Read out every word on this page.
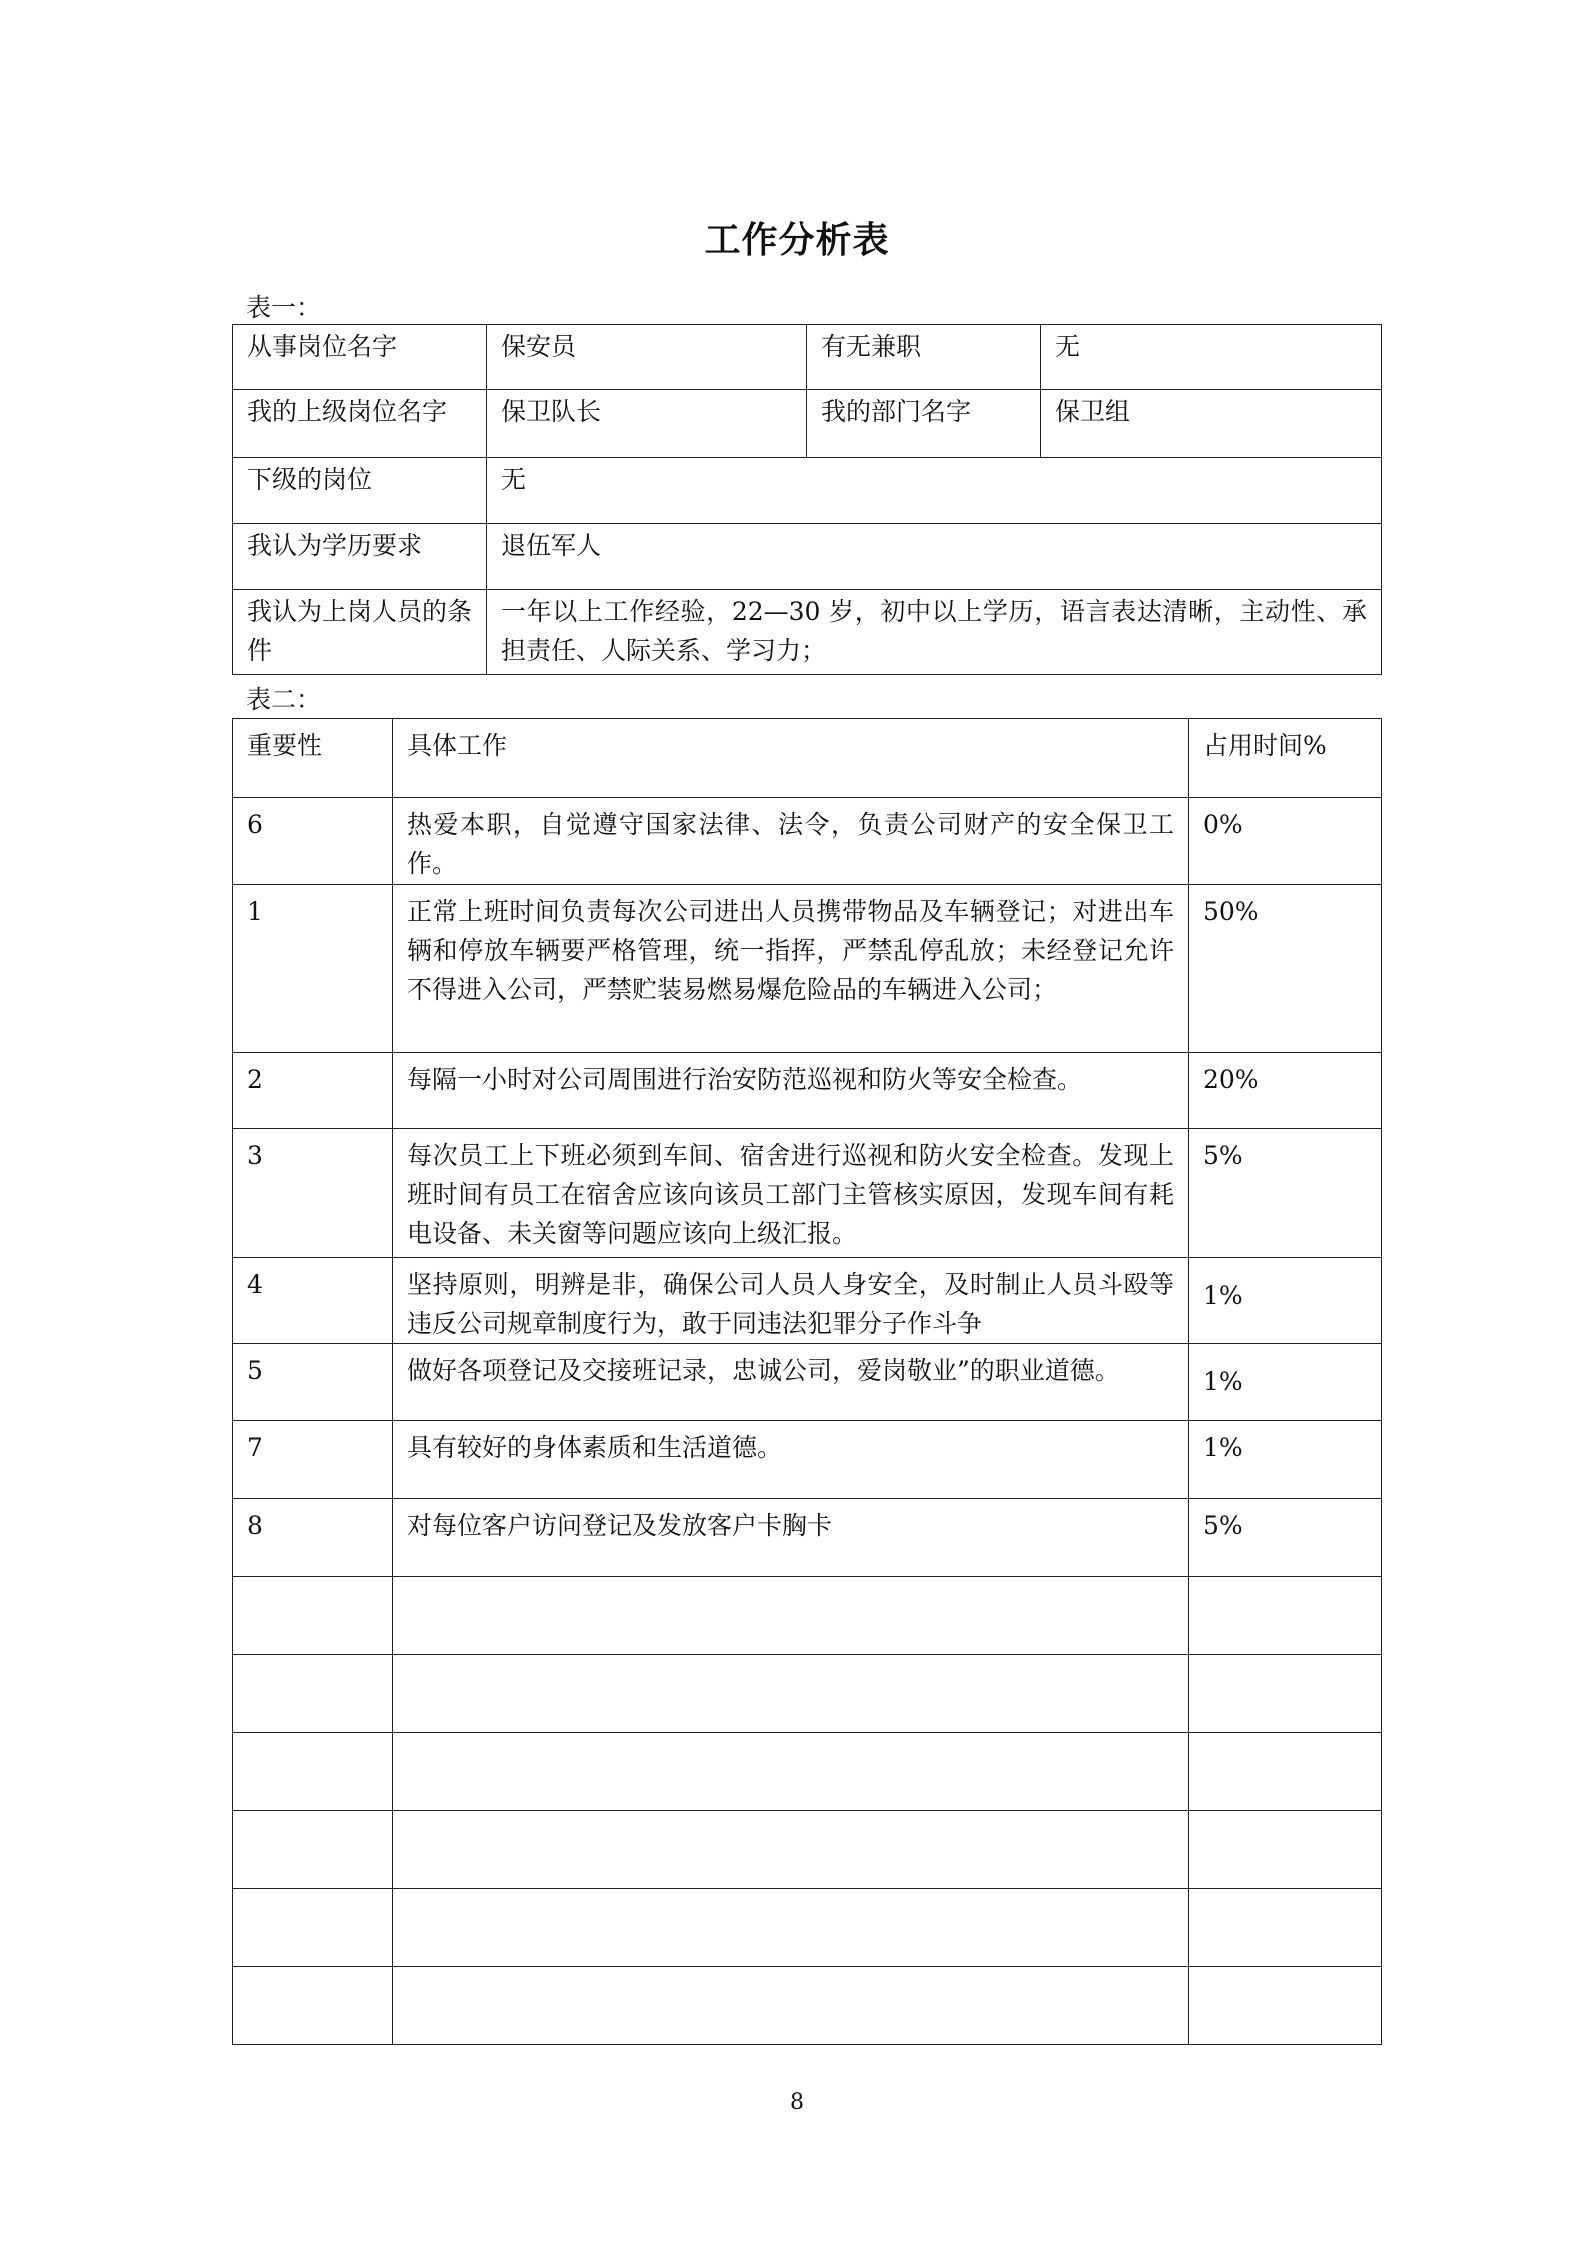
工作分析表
表一：
从事岗位名字	保安员	有无兼职	无
我的上级岗位名字	保卫队长	我的部门名字	保卫组
下级的岗位	无		
我认为学历要求	退伍军人		
我认为上岗人员的条件	一年以上工作经验，22—30 岁，初中以上学历，语言表达清晰，主动性、承担责任、人际关系、学习力；		
表二：
重要性	具体工作	占用时间%
6	热爱本职，自觉遵守国家法律、法令，负责公司财产的安全保卫工作。	0%
1	正常上班时间负责每次公司进出人员携带物品及车辆登记；对进出车辆和停放车辆要严格管理，统一指挥，严禁乱停乱放；未经登记允许不得进入公司，严禁贮装易燃易爆危险品的车辆进入公司；	50%
2	每隔一小时对公司周围进行治安防范巡视和防火等安全检查。	20%
3	每次员工上下班必须到车间、宿舍进行巡视和防火安全检查。发现上班时间有员工在宿舍应该向该员工部门主管核实原因，发现车间有耗电设备、未关窗等问题应该向上级汇报。	5%
4	坚持原则，明辨是非，确保公司人员人身安全，及时制止人员斗殴等违反公司规章制度行为，敢于同违法犯罪分子作斗争	1%
5	做好各项登记及交接班记录，忠诚公司，爱岗敬业”的职业道德。	1%
7	具有较好的身体素质和生活道德。	1%
8	对每位客户访问登记及发放客户卡胸卡	5%

8
